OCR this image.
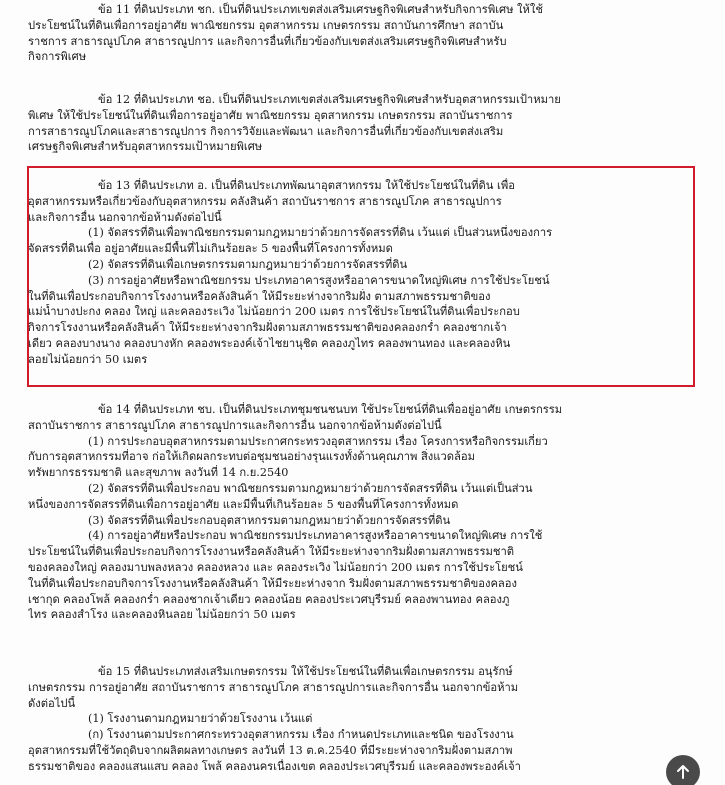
ข้อ 11 ที่ดินประเภท ชก. เป็นที่ดินประเภทเขตส่งเสริมเศรษฐกิจพิเศษสำหรับกิจการพิเศษ ให้ใช้
ประโยชน์ในที่ดินเพื่อการอยู่อาศัย พาณิชยกรรม อุตสาหกรรม เกษตรกรรม สถาบันการศึกษา สถาบัน
ราชการ สาธารณูปโภค สาธารณูปการ และกิจการอื่นที่เกี่ยวข้องกับเขตส่งเสริมเศรษฐกิจพิเศษสำหรับ
กิจการพิเศษ
ข้อ 12 ที่ดินประเภท ชอ. เป็นที่ดินประเภทเขตส่งเสริมเศรษฐกิจพิเศษสำหรับอุตสาหกรรมเป้าหมาย
พิเศษ ให้ใช้ประโยชน์ในที่ดินเพื่อการอยู่อาศัย พาณิชยกรรม อุตสาหกรรม เกษตรกรรม สถาบันราชการ
การสาธารณูปโภคและสาธารณูปการ กิจการวิจัยและพัฒนา และกิจการอื่นที่เกี่ยวข้องกับเขตส่งเสริม
เศรษฐกิจพิเศษสำหรับอุตสาหกรรมเป้าหมายพิเศษ
ข้อ 13 ที่ดินประเภท อ. เป็นที่ดินประเภทพัฒนาอุตสาหกรรม ให้ใช้ประโยชน์ในที่ดิน เพื่อ
อุตสาหกรรมหรือเกี่ยวข้องกับอุตสาหกรรม คลังสินค้า สถาบันราชการ สาธารณูปโภค สาธารณูปการ
และกิจการอื่น นอกจากข้อห้ามดังต่อไปนี้
(1) จัดสรรที่ดินเพื่อพาณิชยกรรมตามกฎหมายว่าด้วยการจัดสรรที่ดิน เว้นแต่ เป็นส่วนหนึ่งของการ
จัดสรรที่ดินเพื่อ อยู่อาศัยและมีพื้นที่ไม่เกินร้อยละ 5 ของพื้นที่โครงการทั้งหมด
(2) จัดสรรที่ดินเพื่อเกษตรกรรมตามกฎหมายว่าด้วยการจัดสรรที่ดิน
(3) การอยู่อาศัยหรือพาณิชยกรรม ประเภทอาคารสูงหรืออาคารขนาดใหญ่พิเศษ การใช้ประโยชน์
ในที่ดินเพื่อประกอบกิจการโรงงานหรือคลังสินค้า ให้มีระยะห่างจากริมฝั่ง ตามสภาพธรรมชาติของ
แม่น้ำบางปะกง คลอง ใหญ่ และคลองระเวิง ไม่น้อยกว่า 200 เมตร การใช้ประโยชน์ในที่ดินเพื่อประกอบ
กิจการโรงงานหรือคลังสินค้า ให้มีระยะห่างจากริมฝั่งตามสภาพธรรมชาติของคลองกร่ำ คลองชากเจ้า
เดียว คลองบางนาง คลองบางหัก คลองพระองค์เจ้าไชยานุชิต คลองภูไทร คลองพานทอง และคลองหิน
ลอยไม่น้อยกว่า 50 เมตร
ข้อ 14 ที่ดินประเภท ชบ. เป็นที่ดินประเภทชุมชนชนบท ใช้ประโยชน์ที่ดินเพื่ออยู่อาศัย เกษตรกรรม
สถาบันราชการ สาธารณูปโภค สาธารณูปการและกิจการอื่น นอกจากข้อห้ามดังต่อไปนี้
(1) การประกอบอุตสาหกรรมตามประกาศกระทรวงอุตสาหกรรม เรื่อง โครงการหรือกิจกรรมเกี่ยว
กับการอุตสาหกรรมที่อาจ ก่อให้เกิดผลกระทบต่อชุมชนอย่างรุนแรงทั้งด้านคุณภาพ สิ่งแวดล้อม
ทรัพยากรธรรมชาติ และสุขภาพ ลงวันที่ 14 ก.ย.2540
(2) จัดสรรที่ดินเพื่อประกอบ พาณิชยกรรมตามกฎหมายว่าด้วยการจัดสรรที่ดิน เว้นแต่เป็นส่วน
หนึ่งของการจัดสรรที่ดินเพื่อการอยู่อาศัย และมีพื้นที่เกินร้อยละ 5 ของพื้นที่โครงการทั้งหมด
(3) จัดสรรที่ดินเพื่อประกอบอุตสาหกรรมตามกฎหมายว่าด้วยการจัดสรรที่ดิน
(4) การอยู่อาศัยหรือประกอบ พาณิชยกรรมประเภทอาคารสูงหรืออาคารขนาดใหญ่พิเศษ การใช้
ประโยชน์ในที่ดินเพื่อประกอบกิจการโรงงานหรือคลังสินค้า ให้มีระยะห่างจากริมฝั่งตามสภาพธรรมชาติ
ของคลองใหญ่ คลองมาบพลงหลวง คลองหลวง และ คลองระเวิง ไม่น้อยกว่า 200 เมตร การใช้ประโยชน์
ในที่ดินเพื่อประกอบกิจการโรงงานหรือคลังสินค้า ให้มีระยะห่างจาก ริมฝั่งตามสภาพธรรมชาติของคลอง
เชากุด คลองโพล้ คลองกร่ำ คลองชากเจ้าเดียว คลองน้อย คลองประเวศบุรีรมย์ คลองพานทอง คลองภู
ไทร คลองสำโรง และคลองหินลอย ไม่น้อยกว่า 50 เมตร
ข้อ 15 ที่ดินประเภทส่งเสริมเกษตรกรรม ให้ใช้ประโยชน์ในที่ดินเพื่อเกษตรกรรม อนุรักษ์
เกษตรกรรม การอยู่อาศัย สถาบันราชการ สาธารณูปโภค สาธารณูปการและกิจการอื่น นอกจากข้อห้าม
ดังต่อไปนี้
(1) โรงงานตามกฎหมายว่าด้วยโรงงาน เว้นแต่
(ก) โรงงานตามประกาศกระทรวงอุตสาหกรรม เรื่อง กำหนดประเภทและชนิด ของโรงงาน
อุตสาหกรรมที่ใช้วัตถุดิบจากผลิตผลทางเกษตร ลงวันที่ 13 ต.ค.2540 ที่มีระยะห่างจากริมฝั่งตามสภาพ
ธรรมชาติของ คลองแสนแสบ คลอง โพล้ คลองนครเนื่องเขต คลองประเวศบุรีรมย์ และคลองพระองค์เจ้า
